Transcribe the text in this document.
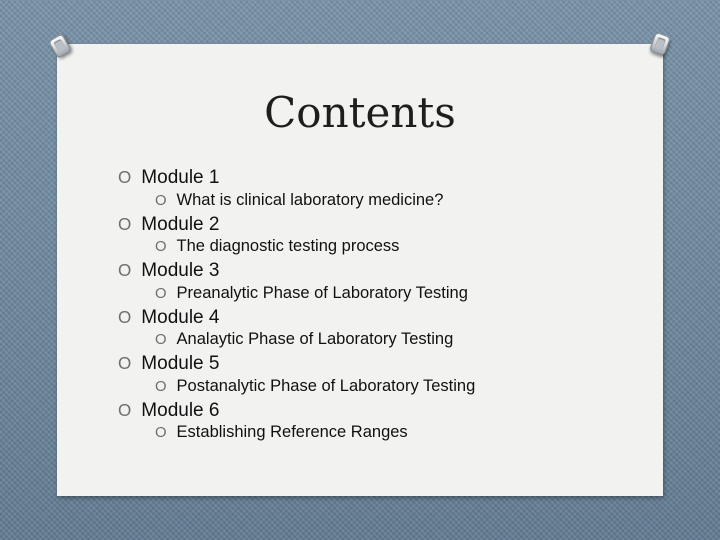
Contents
O Module 1
O What is clinical laboratory medicine?
O Module 2
O The diagnostic testing process
O Module 3
O Preanalytic Phase of Laboratory Testing
O Module 4
O Analaytic Phase of Laboratory Testing
O Module 5
O Postanalytic Phase of Laboratory Testing
O Module 6
O Establishing Reference Ranges
